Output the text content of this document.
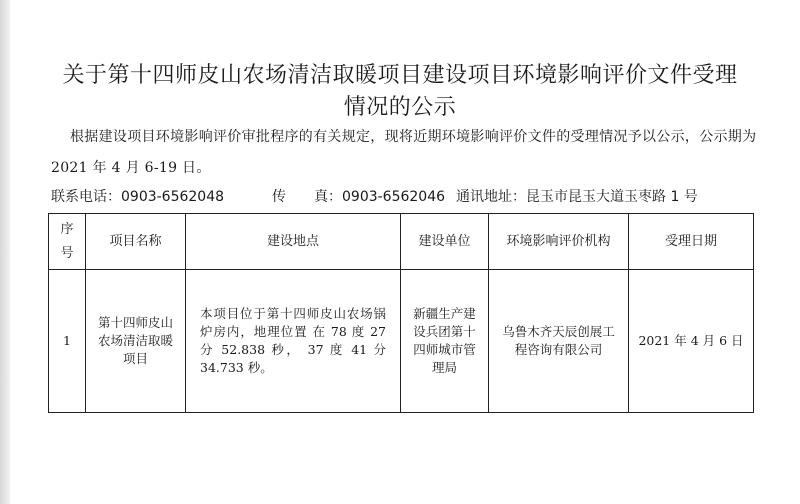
关于第十四师皮山农场清洁取暖项目建设项目环境影响评价文件受理
情况的公示
根据建设项目环境影响评价审批程序的有关规定，现将近期环境影响评价文件的受理情况予以公示，公示期为
2021 年 4 月 6-19 日。
联系电话：0903-6562048	传　　真：0903-6562046 通讯地址：昆玉市昆玉大道玉枣路 1 号
序
号	项目名称	建设地点	建设单位	环境影响评价机构	受理日期
1	第十四师皮山农场清洁取暖项目	本项目位于第十四师皮山农场锅炉房内，地理位置 在 78 度 27 分 52.838 秒， 37 度 41 分 34.733 秒。	新疆生产建设兵团第十四师城市管理局	乌鲁木齐天辰创展工程咨询有限公司	2021 年 4 月 6 日
